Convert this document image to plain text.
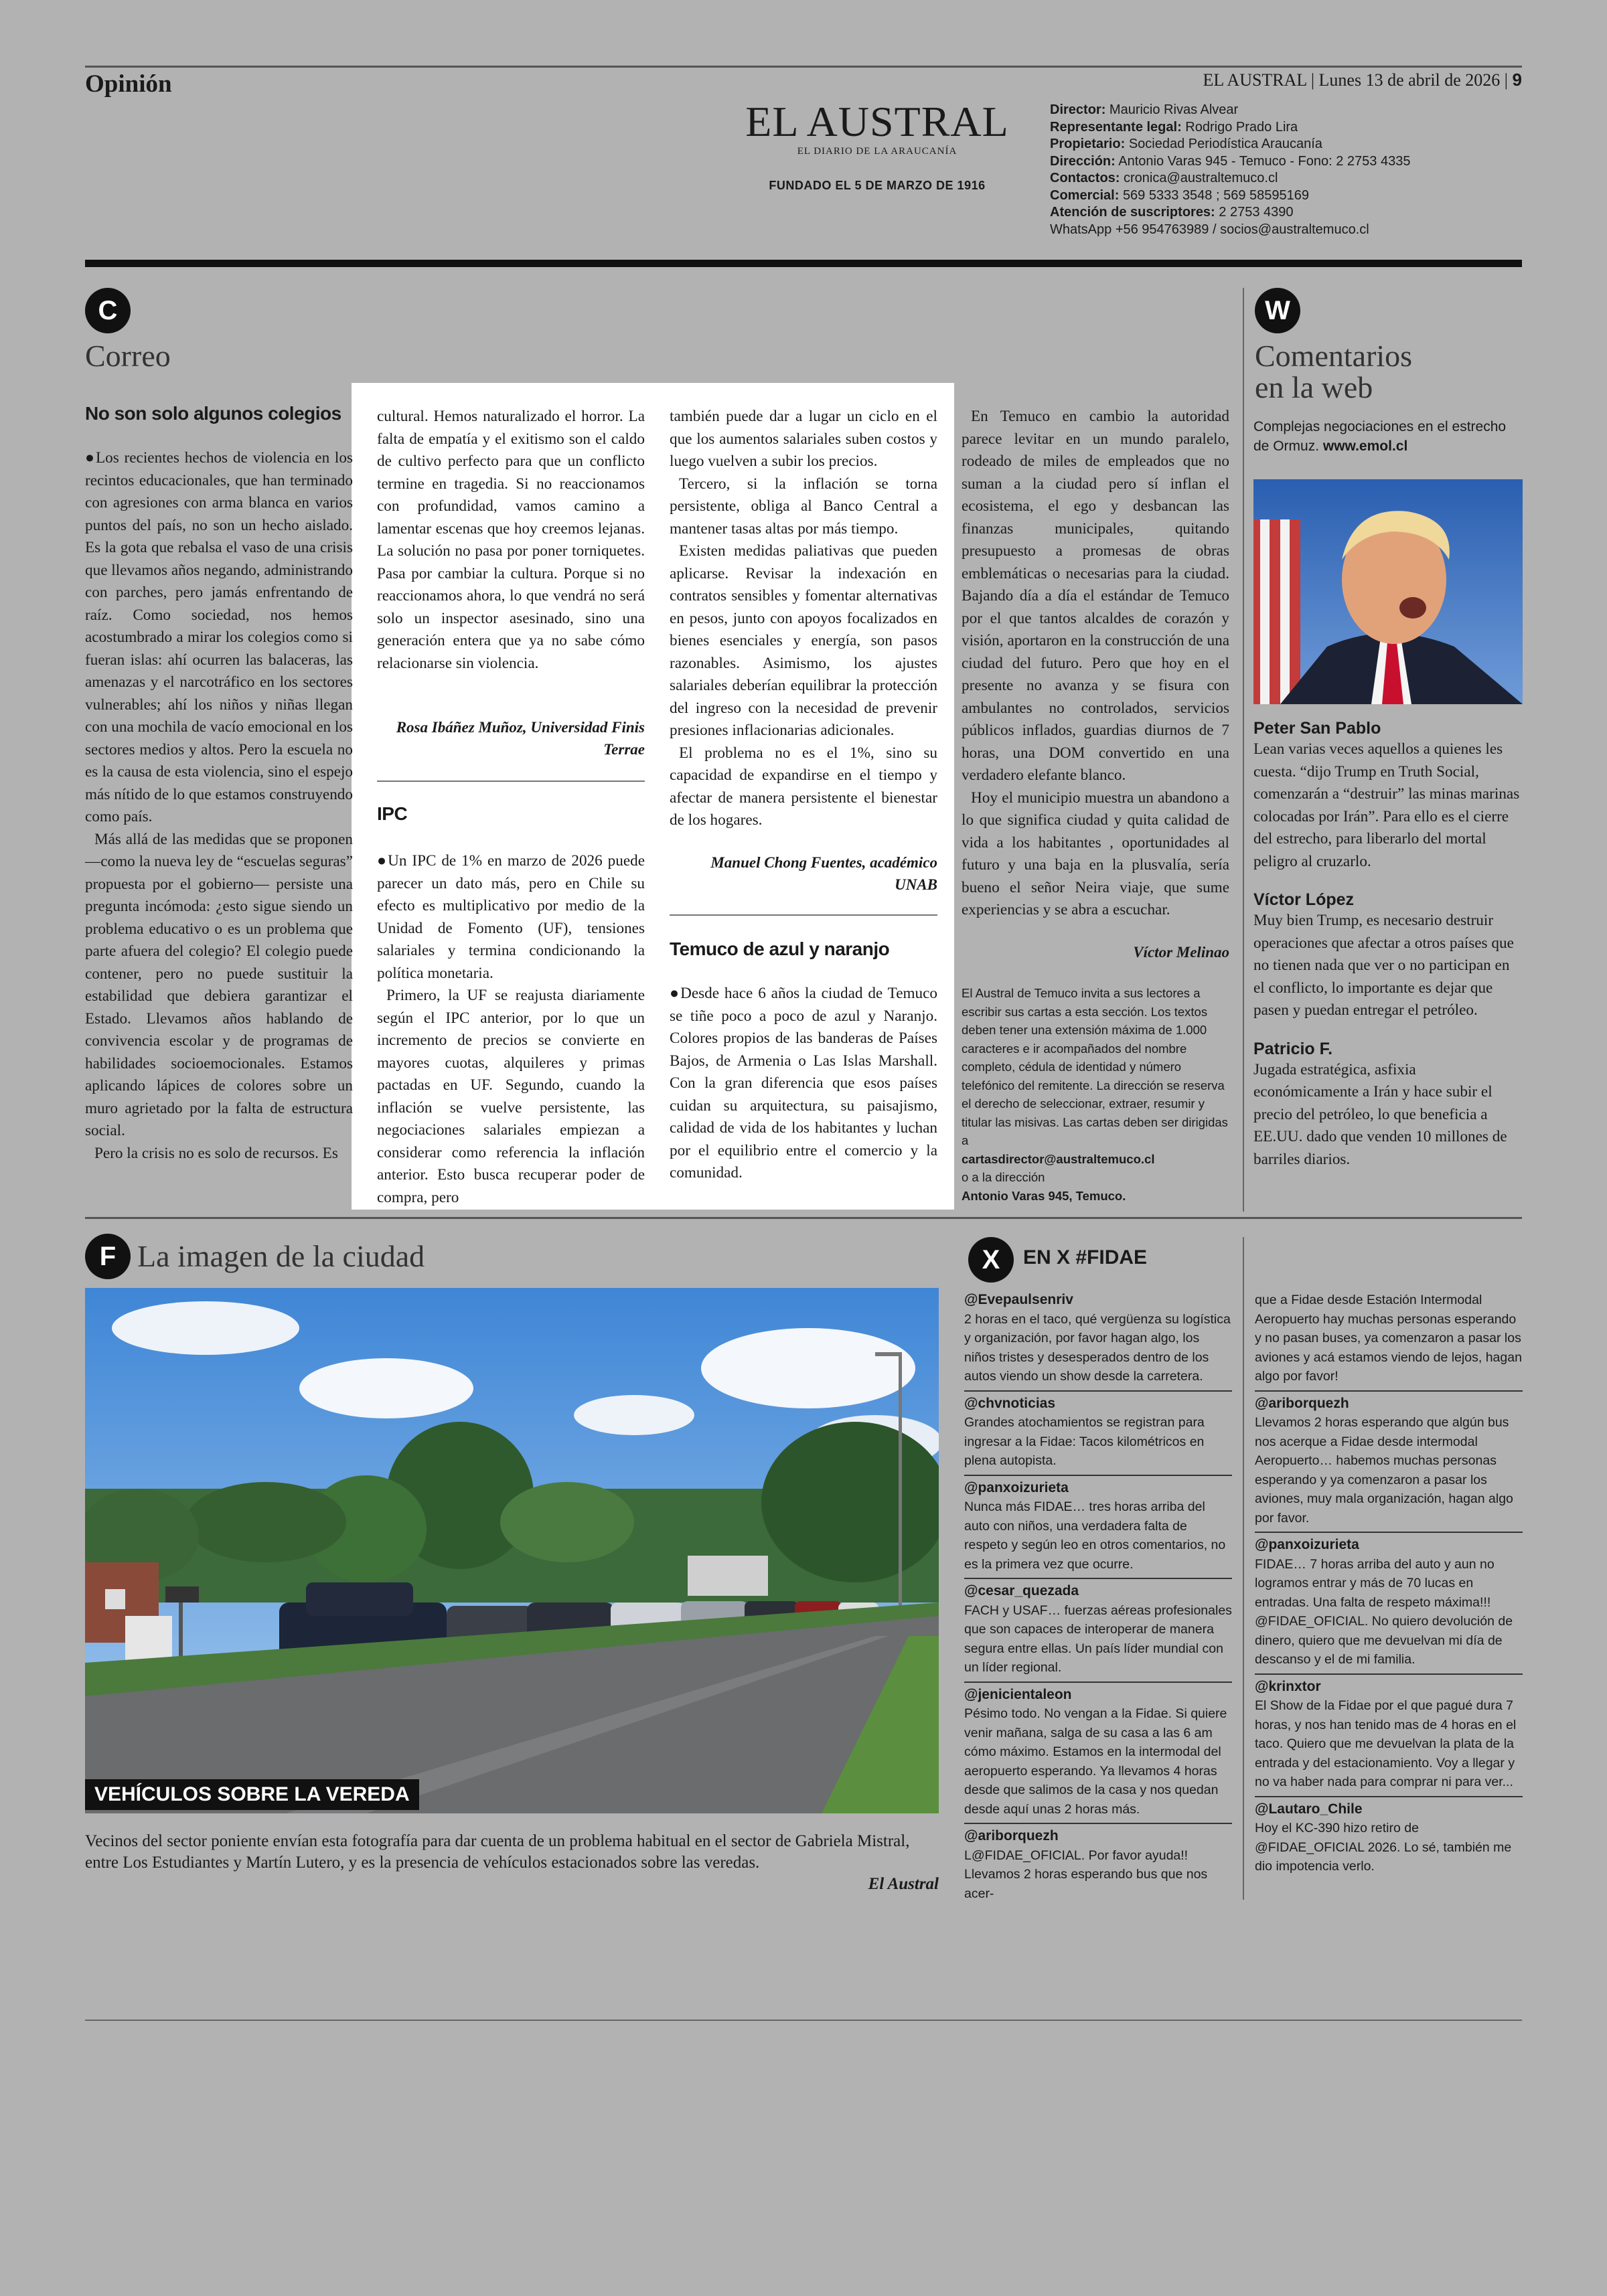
Opinión	EL AUSTRAL | Lunes 13 de abril de 2026 | 9
EL AUSTRAL
EL DIARIO DE LA ARAUCANÍA
FUNDADO EL 5 DE MARZO DE 1916
Director: Mauricio Rivas Alvear
Representante legal: Rodrigo Prado Lira
Propietario: Sociedad Periodística Araucanía
Dirección: Antonio Varas 945 - Temuco - Fono: 2 2753 4335
Contactos: cronica@australtemuco.cl
Comercial: 569 5333 3548 ; 569 58595169
Atención de suscriptores: 2 2753 4390
WhatsApp +56 954763989 / socios@australtemuco.cl
C
Correo
No son solo algunos colegios

●Los recientes hechos de violencia en los recintos educacionales, que han terminado con agresiones con arma blanca en varios puntos del país, no son un hecho aislado. Es la gota que rebalsa el vaso de una crisis que llevamos años negando, administrando con parches, pero jamás enfrentando de raíz. Como sociedad, nos hemos acostumbrado a mirar los colegios como si fueran islas: ahí ocurren las balaceras, las amenazas y el narcotráfico en los sectores vulnerables; ahí los niños y niñas llegan con una mochila de vacío emocional en los sectores medios y altos. Pero la escuela no es la causa de esta violencia, sino el espejo más nítido de lo que estamos construyendo como país.

Más allá de las medidas que se proponen —como la nueva ley de “escuelas seguras” propuesta por el gobierno— persiste una pregunta incómoda: ¿esto sigue siendo un problema educativo o es un problema que parte afuera del colegio? El colegio puede contener, pero no puede sustituir la estabilidad que debiera garantizar el Estado. Llevamos años hablando de convivencia escolar y de programas de habilidades socioemocionales. Estamos aplicando lápices de colores sobre un muro agrietado por la falta de estructura social.

Pero la crisis no es solo de recursos. Es

cultural. Hemos naturalizado el horror. La falta de empatía y el exitismo son el caldo de cultivo perfecto para que un conflicto termine en tragedia. Si no reaccionamos con profundidad, vamos camino a lamentar escenas que hoy creemos lejanas. La solución no pasa por poner torniquetes. Pasa por cambiar la cultura. Porque si no reaccionamos ahora, lo que vendrá no será solo un inspector asesinado, sino una generación entera que ya no sabe cómo relacionarse sin violencia.

Rosa Ibáñez Muñoz, Universidad Finis Terrae
IPC

●Un IPC de 1% en marzo de 2026 puede parecer un dato más, pero en Chile su efecto es multiplicativo por medio de la Unidad de Fomento (UF), tensiones salariales y termina condicionando la política monetaria.

Primero, la UF se reajusta diariamente según el IPC anterior, por lo que un incremento de precios se convierte en mayores cuotas, alquileres y primas pactadas en UF. Segundo, cuando la inflación se vuelve persistente, las negociaciones salariales empiezan a considerar como referencia la inflación anterior. Esto busca recuperar poder de compra, pero

también puede dar a lugar un ciclo en el que los aumentos salariales suben costos y luego vuelven a subir los precios.

Tercero, si la inflación se torna persistente, obliga al Banco Central a mantener tasas altas por más tiempo.

Existen medidas paliativas que pueden aplicarse. Revisar la indexación en contratos sensibles y fomentar alternativas en pesos, junto con apoyos focalizados en bienes esenciales y energía, son pasos razonables. Asimismo, los ajustes salariales deberían equilibrar la protección del ingreso con la necesidad de prevenir presiones inflacionarias adicionales.

El problema no es el 1%, sino su capacidad de expandirse en el tiempo y afectar de manera persistente el bienestar de los hogares.

Manuel Chong Fuentes, académico UNAB
Temuco de azul y naranjo

●Desde hace 6 años la ciudad de Temuco se tiñe poco a poco de azul y Naranjo. Colores propios de las banderas de Países Bajos, de Armenia o Las Islas Marshall. Con la gran diferencia que esos países cuidan su arquitectura, su paisajismo, calidad de vida de los habitantes y luchan por el equilibrio entre el comercio y la comunidad.

En Temuco en cambio la autoridad parece levitar en un mundo paralelo, rodeado de miles de empleados que no suman a la ciudad pero sí inflan el ecosistema, el ego y desbancan las finanzas municipales, quitando presupuesto a promesas de obras emblemáticas o necesarias para la ciudad. Bajando día a día el estándar de Temuco por el que tantos alcaldes de corazón y visión, aportaron en la construcción de una ciudad del futuro. Pero que hoy en el presente no avanza y se fisura con ambulantes no controlados, servicios públicos inflados, guardias diurnos de 7 horas, una DOM convertido en una verdadero elefante blanco.

Hoy el municipio muestra un abandono a lo que significa ciudad y quita calidad de vida a los habitantes , oportunidades al futuro y una baja en la plusvalía, sería bueno el señor Neira viaje, que sume experiencias y se abra a escuchar.

Víctor Melinao
El Austral de Temuco invita a sus lectores a escribir sus cartas a esta sección. Los textos deben tener una extensión máxima de 1.000 caracteres e ir acompañados del nombre completo, cédula de identidad y número telefónico del remitente. La dirección se reserva el derecho de seleccionar, extraer, resumir y titular las misivas. Las cartas deben ser dirigidas a
cartasdirector@australtemuco.cl
o a la dirección
Antonio Varas 945, Temuco.
W
Comentarios
en la web
Complejas negociaciones en el estrecho de Ormuz. www.emol.cl
Peter San Pablo
Lean varias veces aquellos a quienes les cuesta. “dijo Trump en Truth Social, comenzarán a “destruir” las minas marinas colocadas por Irán”. Para ello es el cierre del estrecho, para liberarlo del mortal peligro al cruzarlo.
Víctor López
Muy bien Trump, es necesario destruir operaciones que afectar a otros países que no tienen nada que ver o no participan en el conflicto, lo importante es dejar que pasen y puedan entregar el petróleo.
Patricio F.
Jugada estratégica, asfixia económicamente a Irán y hace subir el precio del petróleo, lo que beneficia a EE.UU. dado que venden 10 millones de barriles diarios.
F La imagen de la ciudad
VEHÍCULOS SOBRE LA VEREDA
Vecinos del sector poniente envían esta fotografía para dar cuenta de un problema habitual en el sector de Gabriela Mistral, entre Los Estudiantes y Martín Lutero, y es la presencia de vehículos estacionados sobre las veredas.
El Austral
X	EN X #FIDAE
@Evepaulsenriv
2 horas en el taco, qué vergüenza su logística y organización, por favor hagan algo, los niños tristes y desesperados dentro de los autos viendo un show desde la carretera.
@chvnoticias
Grandes atochamientos se registran para ingresar a la Fidae: Tacos kilométricos en plena autopista.
@panxoizurieta
Nunca más FIDAE… tres horas arriba del auto con niños, una verdadera falta de respeto y según leo en otros comentarios, no es la primera vez que ocurre.
@cesar_quezada
FACH y USAF… fuerzas aéreas profesionales que son capaces de interoperar de manera segura entre ellas. Un país líder mundial con un líder regional.
@jenicientaleon
Pésimo todo. No vengan a la Fidae. Si quiere venir mañana, salga de su casa a las 6 am cómo máximo. Estamos en la intermodal del aeropuerto esperando. Ya llevamos 4 horas desde que salimos de la casa y nos quedan desde aquí unas 2 horas más.
@ariborquezh
L@FIDAE_OFICIAL. Por favor ayuda!! Llevamos 2 horas esperando bus que nos acer-
que a Fidae desde Estación Intermodal Aeropuerto hay muchas personas esperando y no pasan buses, ya comenzaron a pasar los aviones y acá estamos viendo de lejos, hagan algo por favor!
@ariborquezh
Llevamos 2 horas esperando que algún bus nos acerque a Fidae desde intermodal Aeropuerto… habemos muchas personas esperando y ya comenzaron a pasar los aviones, muy mala organización, hagan algo por favor.
@panxoizurieta
FIDAE… 7 horas arriba del auto y aun no logramos entrar y más de 70 lucas en entradas. Una falta de respeto máxima!!! @FIDAE_OFICIAL. No quiero devolución de dinero, quiero que me devuelvan mi día de descanso y el de mi familia.
@krinxtor
El Show de la Fidae por el que pagué dura 7 horas, y nos han tenido mas de 4 horas en el taco. Quiero que me devuelvan la plata de la entrada y del estacionamiento. Voy a llegar y no va haber nada para comprar ni para ver...
@Lautaro_Chile
Hoy el KC-390 hizo retiro de @FIDAE_OFICIAL 2026. Lo sé, también me dio impotencia verlo.
